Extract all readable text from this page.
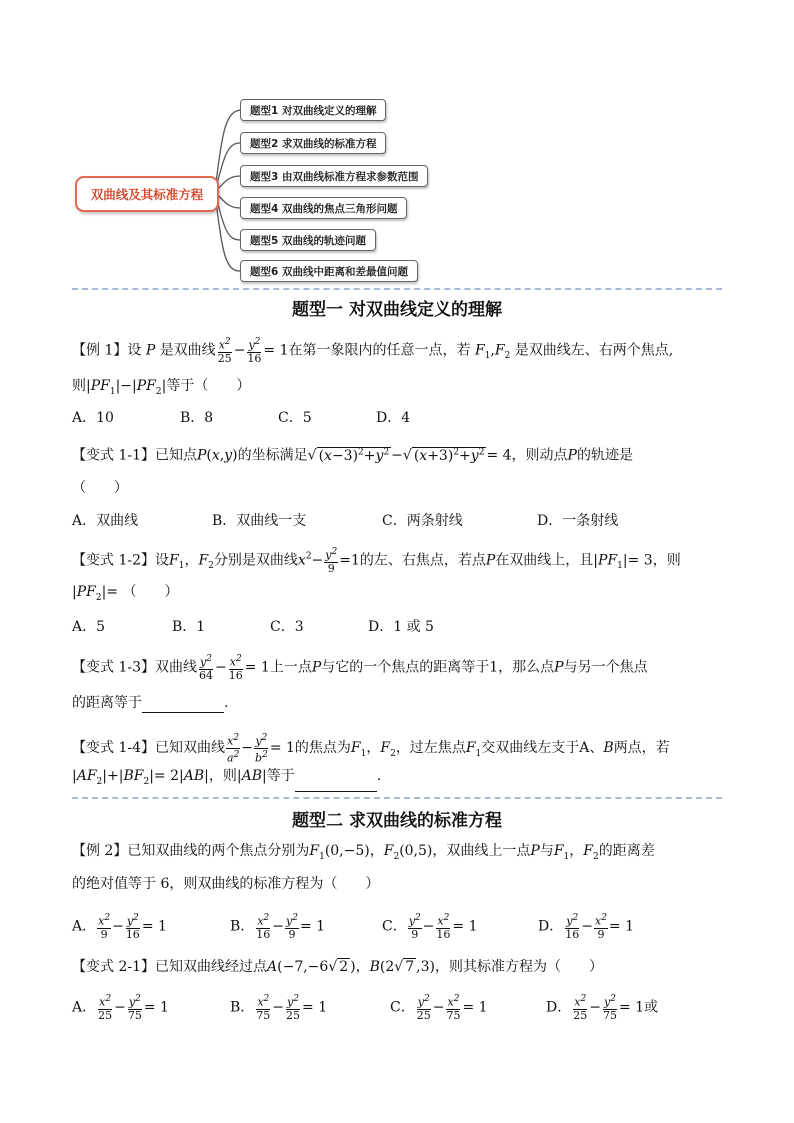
双曲线及其标准方程
题型1 对双曲线定义的理解
题型2 求双曲线的标准方程
题型3 由双曲线标准方程求参数范围
题型4 双曲线的焦点三角形问题
题型5 双曲线的轨迹问题
题型6 双曲线中距离和差最值问题
题型一 对双曲线定义的理解
【例 1】设 P 是双曲线 $\frac{x^2}{25} - \frac{y^2}{16} = 1$在第一象限内的任意一点，若 $F_1,F_2$ 是双曲线左、右两个焦点,
则$|PF_1|-|PF_2|$等于（　　）
A．10	B．8	C．5	D．4
【变式 1-1】已知点P(x,y)的坐标满足√ $(x-3)^2+y^2$ −√ $(x+3)^2+y^2 = 4$，则动点P的轨迹是
（　　）
A．双曲线	B．双曲线一支	C．两条射线	D．一条射线
【变式 1-2】设$F_1$，$F_2$分别是双曲线$x^2- \frac{y^2}{9} =1$的左、右焦点，若点P在双曲线上，且$|PF_1|= 3$，则
$|PF_2|=$ （　　）
A．5	B．1	C．3	D．1 或 5
【变式 1-3】双曲线 $\frac{y^2}{64} - \frac{x^2}{16} = 1$上一点P与它的一个焦点的距离等于1，那么点P与另一个焦点
的距离等于	.
【变式 1-4】已知双曲线 $\frac{x^2}{a^2} - \frac{y^2}{b^2} = 1$的焦点为$F_1$，$F_2$，过左焦点$F_1$交双曲线左支于A、B两点，若
$|AF_2|+|BF_2|= 2|AB|$，则|AB|等于	.
题型二 求双曲线的标准方程
【例 2】已知双曲线的两个焦点分别为$F_1(0,-5)$，$F_2(0,5)$，双曲线上一点P与$F_1$，$F_2$的距离差
的绝对值等于 6，则双曲线的标准方程为（　　）
A． $\frac{x^2}{9} - \frac{y^2}{16} = 1$	B． $\frac{x^2}{16} - \frac{y^2}{9} = 1$	C． $\frac{y^2}{9} - \frac{x^2}{16} = 1$	D． $\frac{y^2}{16} - \frac{x^2}{9} = 1$
【变式 2-1】已知双曲线经过点A(−7,−6√ 2 )，B(2√ 7 ,3)，则其标准方程为（　　）
A． $\frac{x^2}{25} - \frac{y^2}{75} = 1$	B． $\frac{x^2}{75} - \frac{y^2}{25} = 1$	C． $\frac{y^2}{25} - \frac{x^2}{75} = 1$	D． $\frac{x^2}{25} - \frac{y^2}{75} = 1$或
